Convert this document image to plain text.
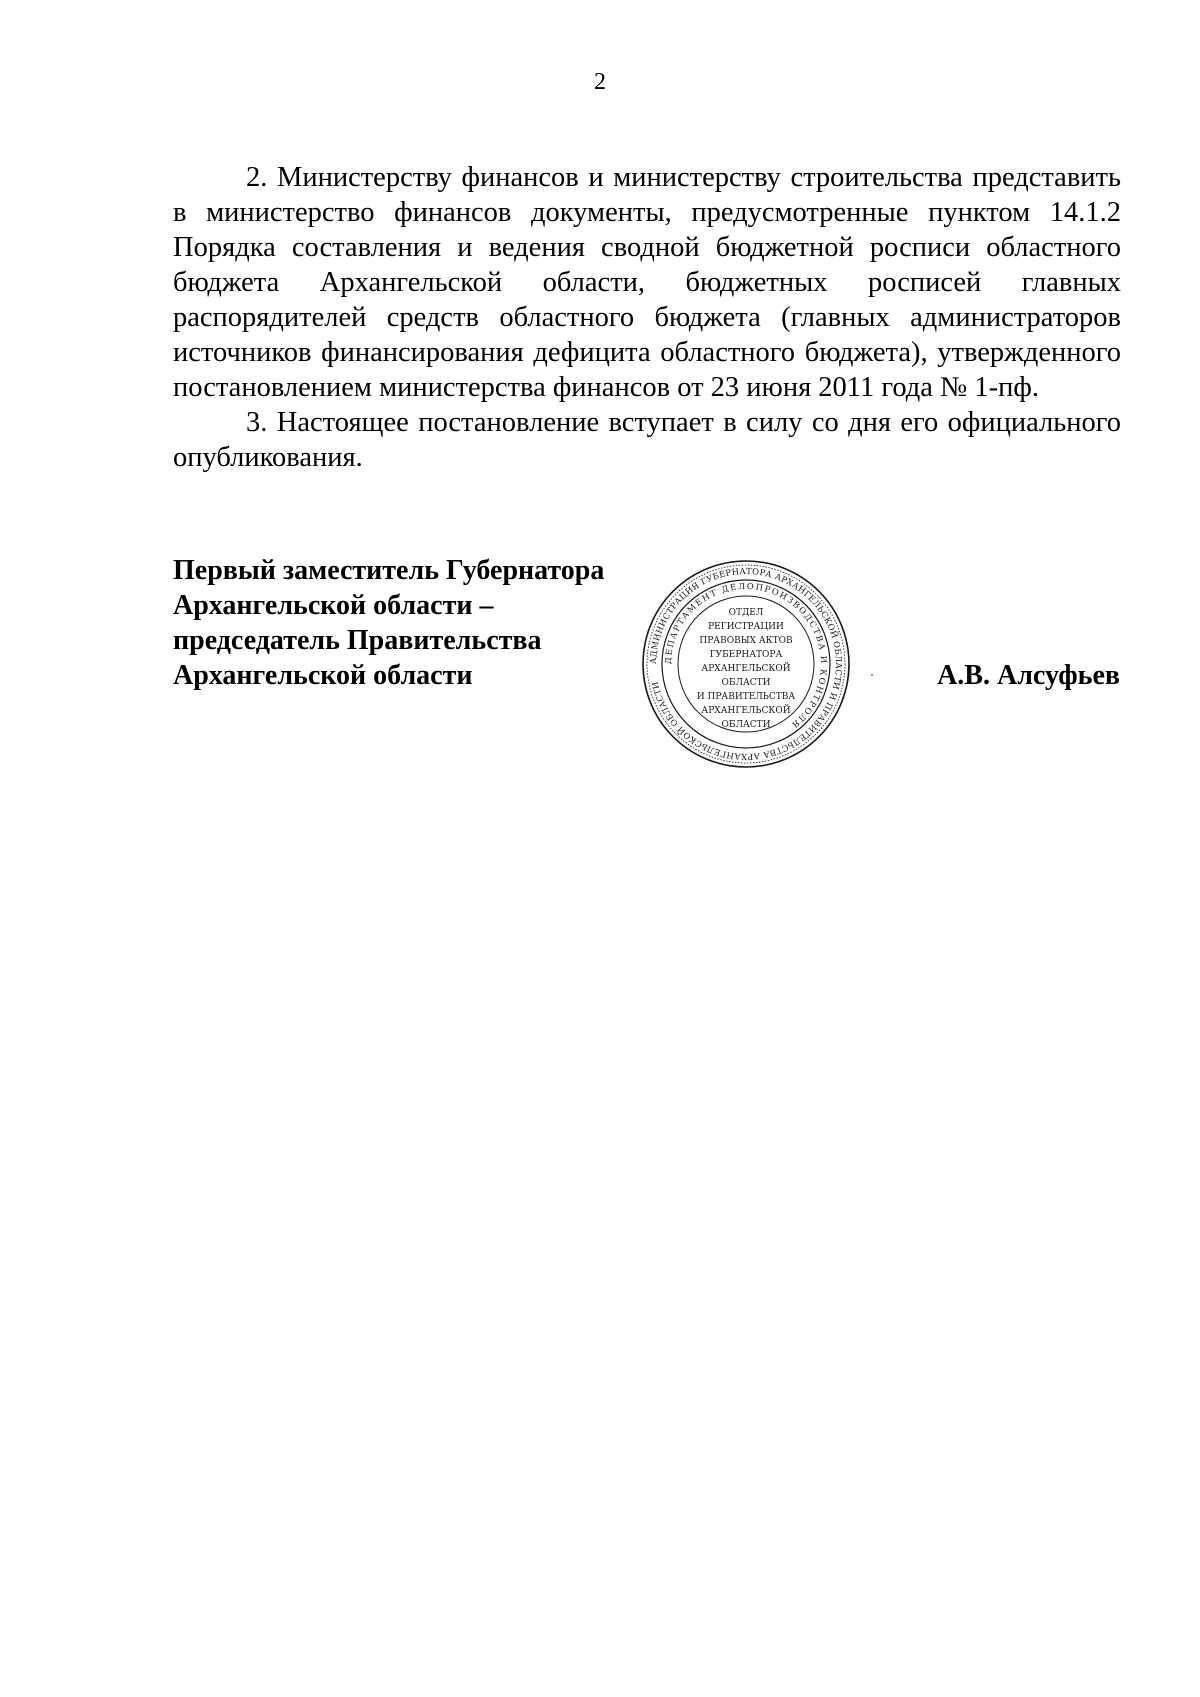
2

2. Министерству финансов и министерству строительства представить в министерство финансов документы, предусмотренные пунктом 14.1.2 Порядка составления и ведения сводной бюджетной росписи областного бюджета Архангельской области, бюджетных росписей главных распорядителей средств областного бюджета (главных администраторов источников финансирования дефицита областного бюджета), утвержденного постановлением министерства финансов от 23 июня 2011 года № 1-пф.

3. Настоящее постановление вступает в силу со дня его официального опубликования.

Первый заместитель Губернатора
Архангельской области –
председатель Правительства
Архангельской области	АДМИНИСТРАЦИЯ ГУБЕРНАТОРА АРХАНГЕЛЬСКОЙ ОБЛАСТИ И ПРАВИТЕЛЬСТВА АРХАНГЕЛЬСКОЙ ОБЛАСТИ
ДЕПАРТАМЕНТ ДЕЛОПРОИЗВОДСТВА И КОНТРОЛЯ
ОТДЕЛ
РЕГИСТРАЦИИ
ПРАВОВЫХ АКТОВ
ГУБЕРНАТОРА
АРХАНГЕЛЬСКОЙ
ОБЛАСТИ
И ПРАВИТЕЛЬСТВА
АРХАНГЕЛЬСКОЙ
ОБЛАСТИ
А.В. Алсуфьев
